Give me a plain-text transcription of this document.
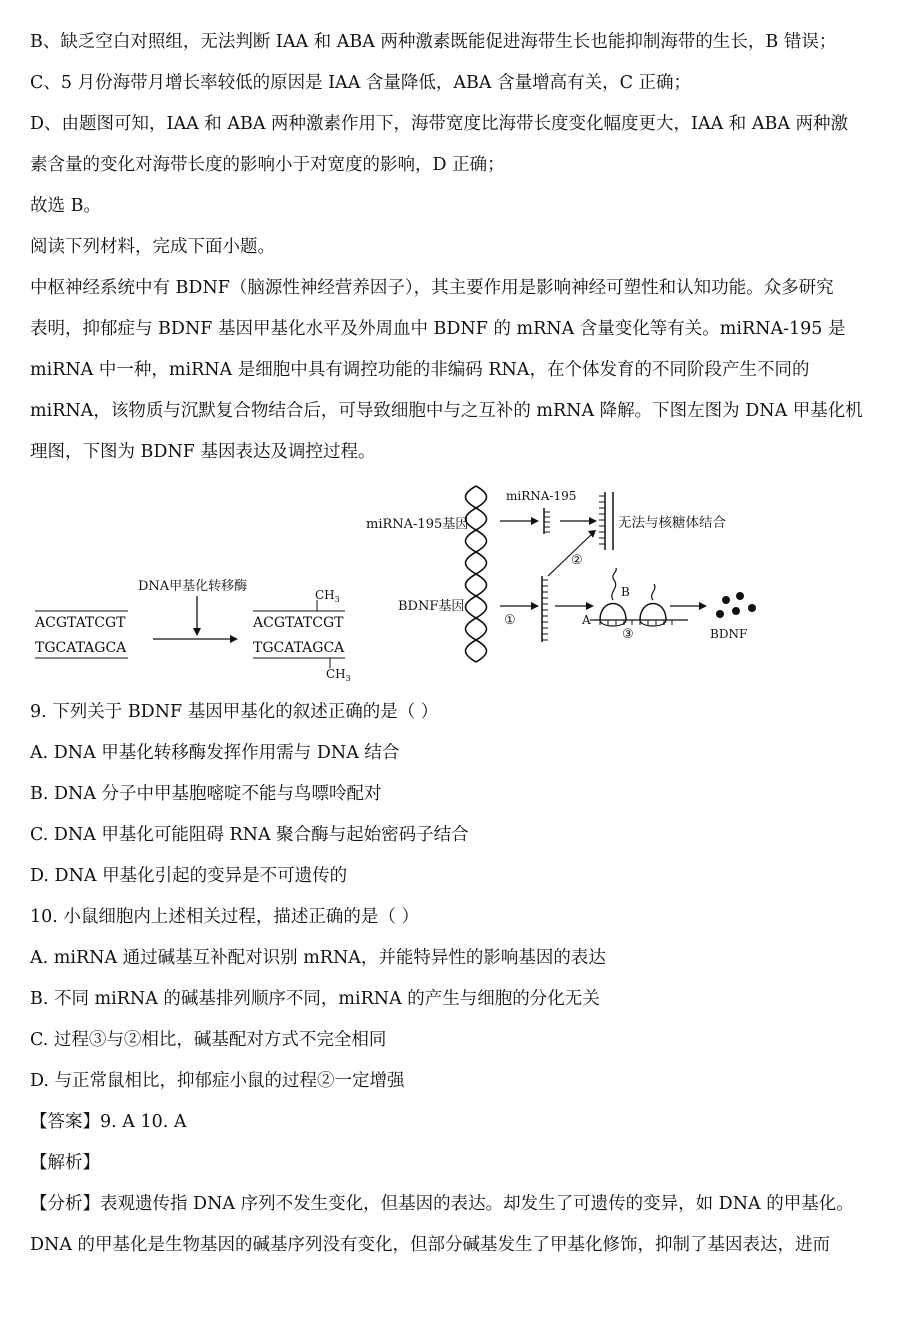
B、缺乏空白对照组，无法判断 IAA 和 ABA 两种激素既能促进海带生长也能抑制海带的生长，B 错误；
C、5 月份海带月增长率较低的原因是 IAA 含量降低，ABA 含量增高有关，C 正确；
D、由题图可知，IAA 和 ABA 两种激素作用下，海带宽度比海带长度变化幅度更大，IAA 和 ABA 两种激
素含量的变化对海带长度的影响小于对宽度的影响，D 正确；
故选 B。
阅读下列材料，完成下面小题。
中枢神经系统中有 BDNF（脑源性神经营养因子），其主要作用是影响神经可塑性和认知功能。众多研究
表明，抑郁症与 BDNF 基因甲基化水平及外周血中 BDNF 的 mRNA 含量变化等有关。miRNA-195 是
miRNA 中一种，miRNA 是细胞中具有调控功能的非编码 RNA，在个体发育的不同阶段产生不同的
miRNA，该物质与沉默复合物结合后，可导致细胞中与之互补的 mRNA 降解。下图左图为 DNA 甲基化机
理图，下图为 BDNF 基因表达及调控过程。
DNA甲基化转移酶
ACGTATCGT
TGCATAGCA
$CH_3$
ACGTATCGT
TGCATAGCA
$CH_3$
miRNA-195基因
miRNA-195
无法与核糖体结合
②
BDNF基因
①
B
A
③	BDNF
9. 下列关于 BDNF 基因甲基化的叙述正确的是（ ）
A. DNA 甲基化转移酶发挥作用需与 DNA 结合
B. DNA 分子中甲基胞嘧啶不能与鸟嘌呤配对
C. DNA 甲基化可能阻碍 RNA 聚合酶与起始密码子结合
D. DNA 甲基化引起的变异是不可遗传的
10. 小鼠细胞内上述相关过程，描述正确的是（ ）
A. miRNA 通过碱基互补配对识别 mRNA，并能特异性的影响基因的表达
B. 不同 miRNA 的碱基排列顺序不同，miRNA 的产生与细胞的分化无关
C. 过程③与②相比，碱基配对方式不完全相同
D. 与正常鼠相比，抑郁症小鼠的过程②一定增强
【答案】9. A 10. A
【解析】
【分析】表观遗传指 DNA 序列不发生变化，但基因的表达。却发生了可遗传的变异，如 DNA 的甲基化。
DNA 的甲基化是生物基因的碱基序列没有变化，但部分碱基发生了甲基化修饰，抑制了基因表达，进而
